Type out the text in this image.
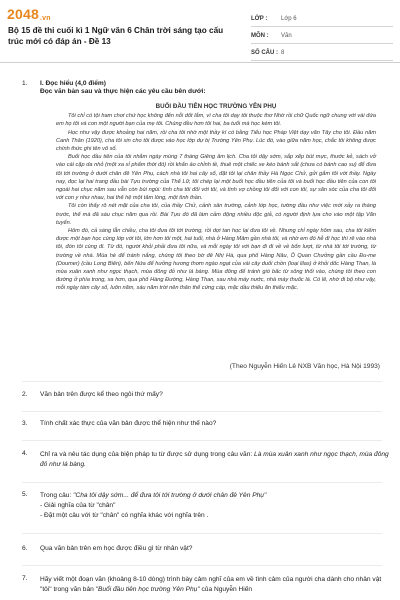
2048.vn
Bộ 15 đề thi cuối kì 1 Ngữ văn 6 Chân trời sáng tạo cấu trúc mới có đáp án - Đề 13
LỚP :	Lớp 6
MÔN :	Văn
SỐ CÂU : 8
1.	I. Đọc hiểu (4,0 điểm)
Đọc văn bản sau và thực hiện các yêu cầu bên dưới:
BUỔI ĐẦU TIÊN HỌC TRƯỜNG YÊN PHỤ

Tôi chỉ có tội ham chơi chứ học không đến nỗi dốt lắm, vì cha tôi dạy tôi thuộc thơ Nhờ rồi chữ Quốc ngữ chung với vài đứa em họ tôi và con một người bạn của mẹ tôi. Chúng đều hơn tôi hai, ba tuổi mà học kém tôi.

Học như vậy được khoảng hai năm, rồi cha tôi nhờ một thầy kí có bằng Tiểu học Pháp Việt dạy văn Tây cho tôi. Đầu năm Canh Thân (1920), cha tôi xin cho tôi được vào học lớp dự bị Trường Yên Phụ. Lúc đó, vào giữa năm học, chắc tôi không được chính thức ghi tên vô sổ.

Buổi học đầu tiên của tôi nhằm ngày mùng 7 tháng Giêng âm lịch. Cha tôi dậy sớm, sắp xếp bút mực, thước kẻ, sách vở vào cái cặp da nhỏ (một xa xỉ phẩm thời đó) rồi khắn áo chỉnh tề, thuê một chiếc xe kéo bánh sắt (chưa có bánh cao su) để đưa tôi tới trường ở dưới chân đê Yên Phụ, cách nhà tôi hai cây số, đặt tôi lại chân thầy Hà Ngọc Chử, gửi gắm tôi với thầy. Ngày nay, đọc lại hai trang đầu bài Tựu trường của Thế Lữ, tôi chép lại một buổi học đầu tiên của tôi và buổi học đầu tiên của con tôi ngoài hai chục năm sau vẫn còn bùi ngùi: tình cha tôi đối với tôi, và tình vợ chồng tôi đối với con tôi, sự săn sóc của cha tôi đối với con y như nhau, hai thế hệ một tâm lòng, một tình thần.

Tôi còn thấy rõ nét mặt của cha tôi, của thầy Chử, cảnh sân trường, cảnh lớp học, tường đầu như việc mới xảy ra tháng trước, thế mà đã sáu chục năm qua rồi. Bài Tựu đó đã làm cảm động nhiều độc giả, có người định lựa cho vào một tập Văn tuyển.

Hôm đó, cả sáng lẫn chiều, cha tôi đưa tôi tới trường, rồi dợi tan học lại đưa tôi về. Nhưng chỉ ngày hôm sau, cha tôi kiếm được một bạn học cùng lớp với tôi, lớn hơn tôi một, hai tuổi, nhà ở Hàng Mâm gần nhà tôi, và nhờ em đó hễ đi học thì rẽ vào nhà tôi, đón tôi cùng đi. Từ đó, người khỏi phải đưa tôi nữa, và mỗi ngày tôi với bạn đi đi về về bốn lượt, từ nhà tôi tới trường, từ trường về nhà. Mùa hè để tránh nắng, chúng tôi theo bờ đê Nhị Hà, qua phố Hàng Nâu, Ô Quan Chưởng gần cầu Đu-me (Doumer) (cầu Long Biên), bến Nứa để hưởng hương thơm ngào ngạt của vài cây duối chồn (loại lilas) ở khỏi dốc Hàng Than, là mùa xuân xanh như ngọc thạch, mùa đông đỏ như lá bàng. Mùa đông để tránh gió bấc từ sông thổi vào, chúng tôi theo con đường ở phía trong, xa hơn, qua phố Hàng Đường, Hàng Than, sau nhà máy nước, nhà máy thuốc lá. Có lẽ, nhờ đi bộ như vậy, mỗi ngày tám cây số, luôn năm, sáu năm trời nên thân thể cứng cáp, mặc dầu thiếu ăn thiếu mặc.

(Theo Nguyễn Hiến Lê NXB Văn học, Hà Nội 1993)
2.	Văn bản trên được kể theo ngôi thứ mấy?
3.	Tính chất xác thực của văn bản được thể hiện như thế nào?
4.	Chỉ ra và nêu tác dụng của biện pháp tu từ được sử dụng trong câu văn: Là mùa xuân xanh như ngọc thạch, mùa đông đỏ như lá bàng.
5.	Trong câu: "Cha tôi dậy sớm... để đưa tôi tới trường ở dưới chân đê Yên Phụ"
- Giải nghĩa của từ "chân"
- Đặt một câu với từ "chân" có nghĩa khác với nghĩa trên .
6.	Qua văn bản trên em học được điều gì từ nhân vật?
7.	Hãy viết một đoạn văn (khoảng 8-10 dòng) trình bày cảm nghĩ của em về tình cảm của người cha dành cho nhân vật "tôi" trong văn bản "Buổi đầu tiên học trường Yên Phụ" của Nguyễn Hiến
